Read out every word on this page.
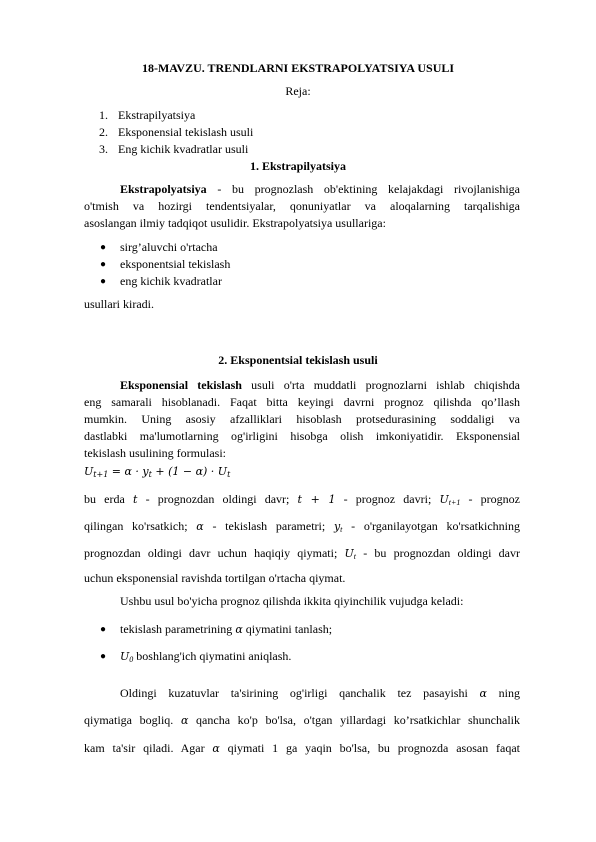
18-MAVZU. TRENDLARNI EKSTRAPOLYATSIYA USULI
Reja:
1. Ekstrapilyatsiya
2. Eksponensial tekislash usuli
3. Eng kichik kvadratlar usuli
1. Ekstrapilyatsiya
Ekstrapolyatsiya - bu prognozlash ob'ektining kelajakdagi rivojlanishiga
o'tmish va hozirgi tendentsiyalar, qonuniyatlar va aloqalarning tarqalishiga
asoslangan ilmiy tadqiqot usulidir. Ekstrapolyatsiya usullariga:
● sirg’aluvchi o'rtacha
● eksponentsial tekislash
● eng kichik kvadratlar
usullari kiradi.
2. Eksponentsial tekislash usuli
Eksponensial tekislash usuli o'rta muddatli prognozlarni ishlab chiqishda
eng samarali hisoblanadi. Faqat bitta keyingi davrni prognoz qilishda qo’llash
mumkin. Uning asosiy afzalliklari hisoblash protsedurasining soddaligi va
dastlabki ma'lumotlarning og'irligini hisobga olish imkoniyatidir. Eksponensial
tekislash usulining formulasi:
$U_{t+1} = \alpha \cdot y_t + (1 - \alpha) \cdot U_t$
bu erda t - prognozdan oldingi davr; t + 1 - prognoz davri; $U_{t+1}$ - prognoz
qilingan ko'rsatkich; α - tekislash parametri; $y_t$ - o'rganilayotgan ko'rsatkichning
prognozdan oldingi davr uchun haqiqiy qiymati; $U_t$ - bu prognozdan oldingi davr
uchun eksponensial ravishda tortilgan o'rtacha qiymat.
Ushbu usul bo'yicha prognoz qilishda ikkita qiyinchilik vujudga keladi:
● tekislash parametrining α qiymatini tanlash;
● $U_0$ boshlang'ich qiymatini aniqlash.
Oldingi kuzatuvlar ta'sirining og'irligi qanchalik tez pasayishi α ning
qiymatiga bogliq. α qancha ko'p bo'lsa, o'tgan yillardagi ko’rsatkichlar shunchalik
kam ta'sir qiladi. Agar α qiymati 1 ga yaqin bo'lsa, bu prognozda asosan faqat
